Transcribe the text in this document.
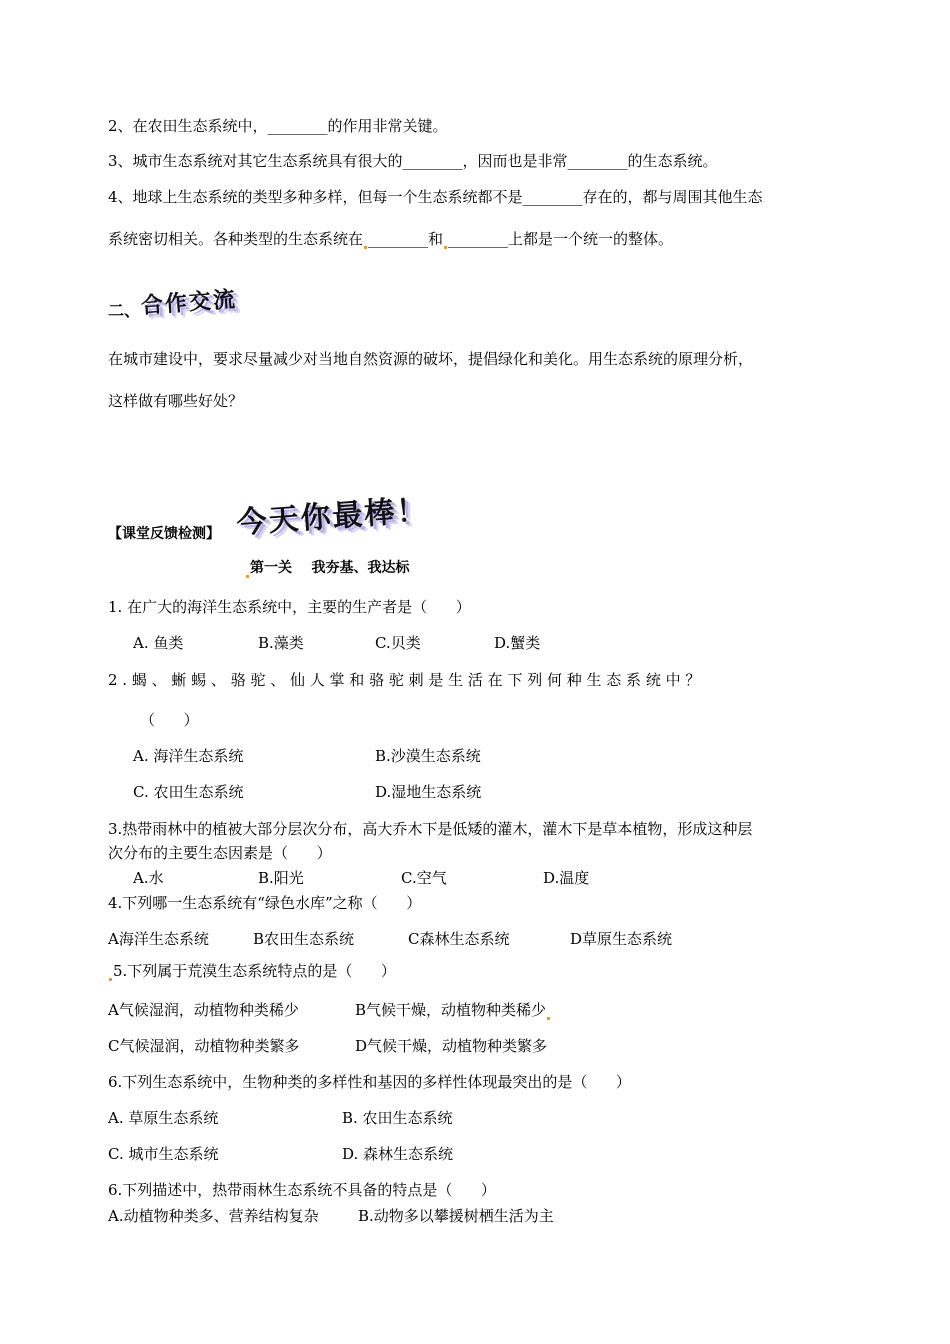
2、在农田生态系统中，________的作用非常关键。
3、城市生态系统对其它生态系统具有很大的________，因而也是非常________的生态系统。
4、地球上生态系统的类型多种多样，但每一个生态系统都不是________存在的，都与周围其他生态
系统密切相关。各种类型的生态系统在 ________和 ________上都是一个统一的整体。
二、 合作交流
在城市建设中，要求尽量减少对当地自然资源的破坏，提倡绿化和美化。用生态系统的原理分析，
这样做有哪些好处？
【课堂反馈检测】 今天你最棒！
第一关    我夯基、我达标
1. 在广大的海洋生态系统中，主要的生产者是（      ）
A. 鱼类	B.藻类	C.贝类	D.蟹类
2 . 蝎 、 蜥 蜴 、 骆 驼 、 仙 人 掌 和 骆 驼 刺 是 生 活 在 下 列 何 种 生 态 系 统 中 ？
（      ）
A. 海洋生态系统	B.沙漠生态系统
C. 农田生态系统	D.湿地生态系统
3.热带雨林中的植被大部分层次分布，高大乔木下是低矮的灌木，灌木下是草本植物，形成这种层
次分布的主要生态因素是（      ）
A.水	B.阳光	C.空气	D.温度
4.下列哪一生态系统有“绿色水库”之称（      ）
A海洋生态系统	B农田生态系统	C森林生态系统	D草原生态系统
5.下列属于荒漠生态系统特点的是（      ）
A气候湿润，动植物种类稀少	B气候干燥，动植物种类稀少
C气候湿润，动植物种类繁多	D气候干燥，动植物种类繁多
6.下列生态系统中，生物种类的多样性和基因的多样性体现最突出的是（      ）
A. 草原生态系统	B. 农田生态系统
C. 城市生态系统	D. 森林生态系统
6.下列描述中，热带雨林生态系统不具备的特点是（      ）
A.动植物种类多、营养结构复杂	B.动物多以攀援树栖生活为主
